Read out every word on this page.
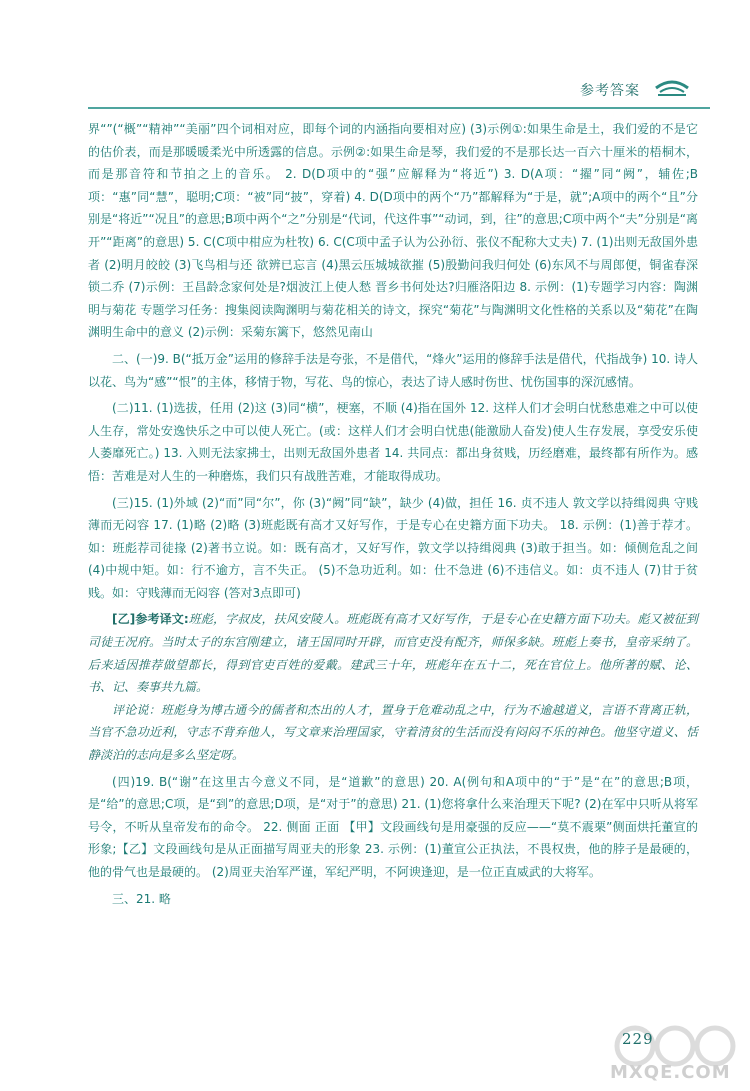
参考答案

界“”(“概”“精神”“美丽”四个词相对应，即每个词的内涵指向要相对应) (3)示例①:如果生命是土，我们爱的不是它的估价表，而是那暖暖柔光中所透露的信息。示例②:如果生命是琴，我们爱的不是那长达一百六十厘米的梧桐木，而是那音符和节拍之上的音乐。 2. D(D项中的“强”应解释为“将近”) 3. D(A项：“擢”同“阙”，辅佐;B项：“惠”同“慧”，聪明;C项：“被”同“披”，穿着) 4. D(D项中的两个“乃”都解释为“于是，就”;A项中的两个“且”分别是“将近”“况且”的意思;B项中两个“之”分别是“代词，代这件事”“动词，到，往”的意思;C项中两个“夫”分别是“离开”“距离”的意思) 5. C(C项中柑应为杜牧) 6. C(C项中孟子认为公孙衍、张仪不配称大丈夫) 7. (1)出则无敌国外患者 (2)明月皎皎 (3)飞鸟相与还 欲辨已忘言 (4)黑云压城城欲摧 (5)殷勤问我归何处 (6)东风不与周郎便，铜雀春深锁二乔 (7)示例：王昌龄念家何处是?烟波江上使人愁 晋乡书何处达?归雁洛阳边 8. 示例：(1)专题学习内容：陶渊明与菊花 专题学习任务：搜集阅读陶渊明与菊花相关的诗文，探究“菊花”与陶渊明文化性格的关系以及“菊花”在陶渊明生命中的意义 (2)示例：采菊东篱下，悠然见南山

二、(一)9. B(“抵万金”运用的修辞手法是夸张，不是借代，“烽火”运用的修辞手法是借代，代指战争) 10. 诗人以花、鸟为“感”“恨”的主体，移情于物，写花、鸟的惊心，表达了诗人感时伤世、忧伤国事的深沉感情。

(二)11. (1)选拔，任用 (2)这 (3)同“横”，梗塞，不顺 (4)指在国外 12. 这样人们才会明白忧愁患难之中可以使人生存，常处安逸快乐之中可以使人死亡。(或：这样人们才会明白忧患(能激励人奋发)使人生存发展，享受安乐使人萎靡死亡。) 13. 入则无法家拂士，出则无敌国外患者 14. 共同点：都出身贫贱，历经磨难，最终都有所作为。感悟：苦难是对人生的一种磨炼，我们只有战胜苦难，才能取得成功。

(三)15. (1)外域 (2)“而”同“尔”，你 (3)“阙”同“缺”，缺少 (4)做，担任 16. 贞不违人 敦文学以持缉阅典 守贱薄而无闷容 17. (1)略 (2)略 (3)班彪既有高才又好写作，于是专心在史籍方面下功夫。 18. 示例：(1)善于荐才。如：班彪荐司徒掾 (2)著书立说。如：既有高才，又好写作，敦文学以持缉阅典 (3)敢于担当。如：倾侧危乱之间 (4)中规中矩。如：行不逾方，言不失正。 (5)不急功近利。如：仕不急进 (6)不违信义。如：贞不违人 (7)甘于贫贱。如：守贱薄而无闷容 (答对3点即可)

[乙]参考译文:班彪，字叔皮，扶风安陵人。班彪既有高才又好写作，于是专心在史籍方面下功夫。彪又被征到司徒王况府。当时太子的东宫刚建立，诸王国同时开辟，而官吏没有配齐，师保多缺。班彪上奏书，皇帝采纳了。后来适因推荐做望都长，得到官吏百姓的爱戴。建武三十年，班彪年在五十二，死在官位上。他所著的赋、论、书、记、奏事共九篇。

评论说：班彪身为博古通今的儒者和杰出的人才，置身于危难动乱之中，行为不逾越道义，言语不背离正轨，当官不急功近利，守志不背弃他人，写文章来治理国家，守着清贫的生活而没有闷闷不乐的神色。他坚守道义、恬静淡泊的志向是多么坚定呀。

(四)19. B(“谢”在这里古今意义不同，是“道歉”的意思) 20. A(例句和A项中的“于”是“在”的意思;B项，是“给”的意思;C项，是“到”的意思;D项，是“对于”的意思) 21. (1)您将拿什么来治理天下呢? (2)在军中只听从将军号令，不听从皇帝发布的命令。 22. 侧面 正面 【甲】文段画线句是用豪强的反应——“莫不震栗”侧面烘托董宣的形象;【乙】文段画线句是从正面描写周亚夫的形象 23. 示例：(1)董宣公正执法，不畏权贵，他的脖子是最硬的，他的骨气也是最硬的。 (2)周亚夫治军严谨，军纪严明，不阿谀逢迎，是一位正直威武的大将军。

三、21. 略

229
MXQE.COM
